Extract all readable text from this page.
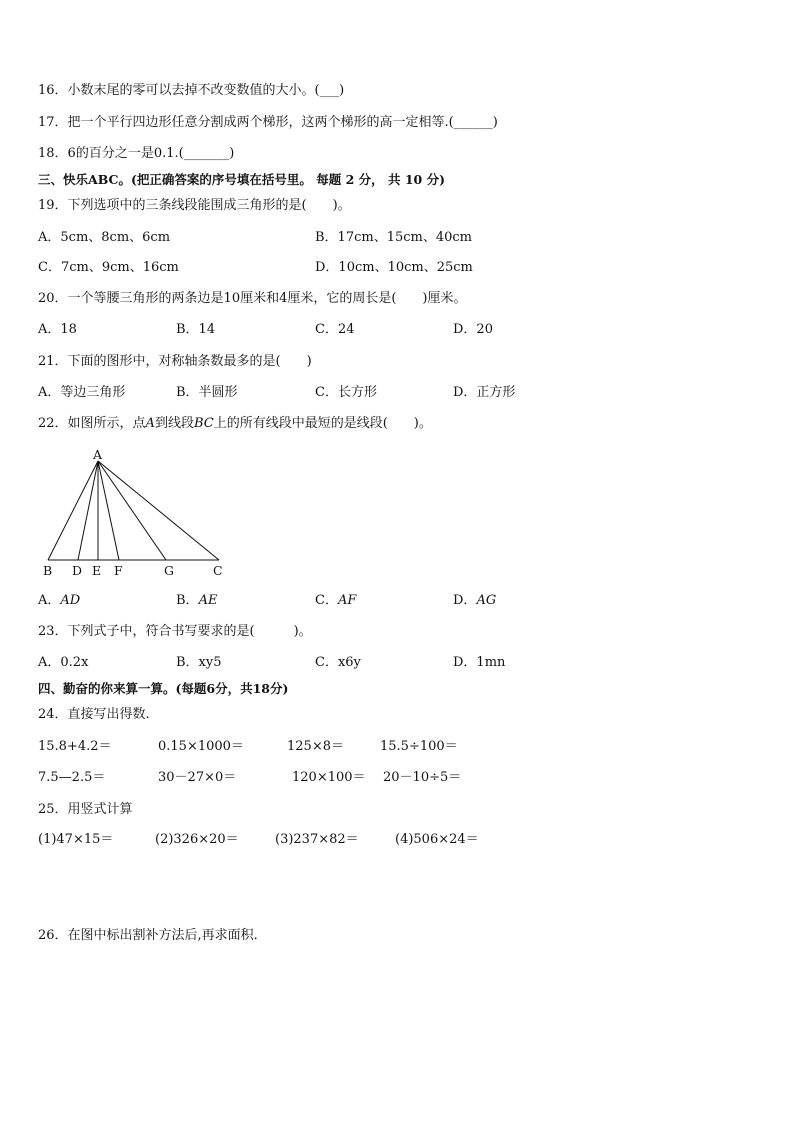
16．小数末尾的零可以去掉不改变数值的大小。(___)
17．把一个平行四边形任意分割成两个梯形，这两个梯形的高一定相等.(______)
18．6的百分之一是0.1.(_______)
三、快乐ABC。(把正确答案的序号填在括号里。 每题 2 分， 共 10 分)
19．下列选项中的三条线段能围成三角形的是(　　)。
A．5cm、8cm、6cm	B．17cm、15cm、40cm
C．7cm、9cm、16cm	D．10cm、10cm、25cm
20．一个等腰三角形的两条边是10厘米和4厘米，它的周长是(　　)厘米。
A．18	B．14	C．24	D．20
21．下面的图形中，对称轴条数最多的是(　　)
A．等边三角形	B．半圆形	C．长方形	D．正方形
22．如图所示，点A到线段BC上的所有线段中最短的是线段(　　)。
A
B D E F	G	C
A．AD	B．AE	C．AF	D．AG
23．下列式子中，符合书写要求的是(　　　)。
A．0.2x	B．xy5	C．x6y	D．1mn
四、勤奋的你来算一算。(每题6分，共18分)
24．直接写出得数.
15.8+4.2＝	0.15×1000＝	125×8＝	15.5÷100＝
7.5—2.5＝	30－27×0＝	120×100＝ 20－10÷5＝
25．用竖式计算
(1)47×15＝	(2)326×20＝	(3)237×82＝	(4)506×24＝
26．在图中标出割补方法后,再求面积．
